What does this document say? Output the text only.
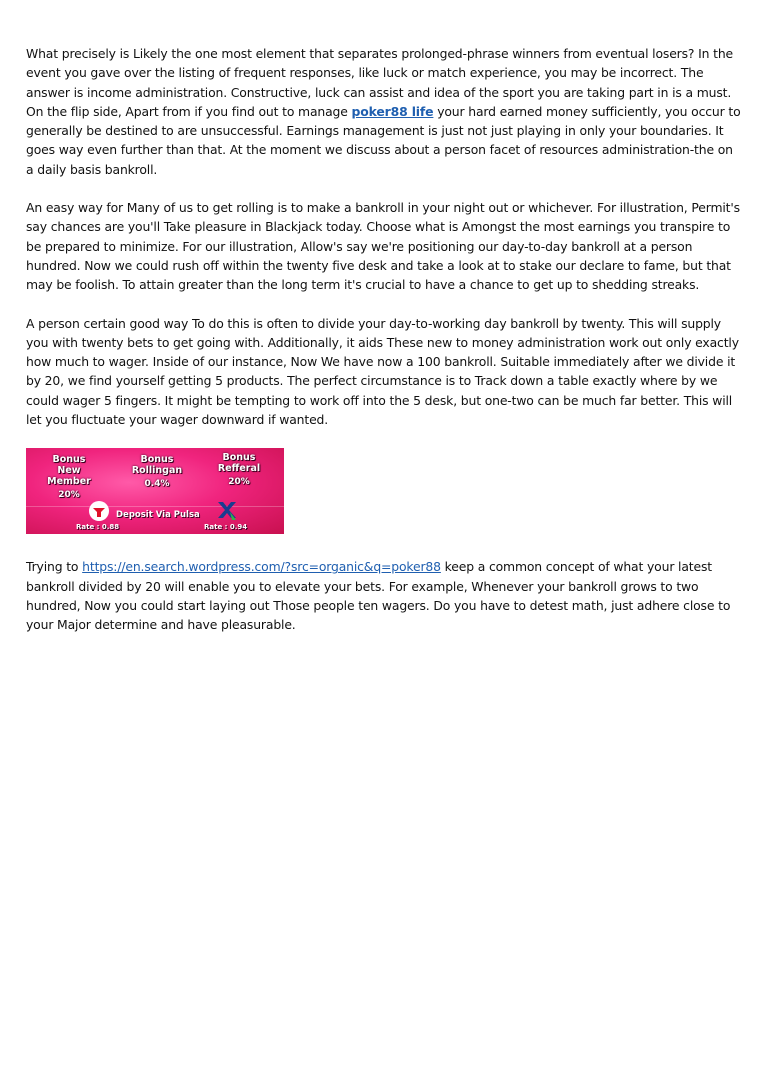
What precisely is Likely the one most element that separates prolonged-phrase winners from eventual losers? In the event you gave over the listing of frequent responses, like luck or match experience, you may be incorrect. The answer is income administration. Constructive, luck can assist and idea of the sport you are taking part in is a must. On the flip side, Apart from if you find out to manage poker88 life your hard earned money sufficiently, you occur to generally be destined to are unsuccessful. Earnings management is just not just playing in only your boundaries. It goes way even further than that. At the moment we discuss about a person facet of resources administration-the on a daily basis bankroll.

An easy way for Many of us to get rolling is to make a bankroll in your night out or whichever. For illustration, Permit's say chances are you'll Take pleasure in Blackjack today. Choose what is Amongst the most earnings you transpire to be prepared to minimize. For our illustration, Allow's say we're positioning our day-to-day bankroll at a person hundred. Now we could rush off within the twenty five desk and take a look at to stake our declare to fame, but that may be foolish. To attain greater than the long term it's crucial to have a chance to get up to shedding streaks.

A person certain good way To do this is often to divide your day-to-working day bankroll by twenty. This will supply you with twenty bets to get going with. Additionally, it aids These new to money administration work out only exactly how much to wager. Inside of our instance, Now We have now a 100 bankroll. Suitable immediately after we divide it by 20, we find yourself getting 5 products. The perfect circumstance is to Track down a table exactly where by we could wager 5 fingers. It might be tempting to work off into the 5 desk, but one-two can be much far better. This will let you fluctuate your wager downward if wanted.

Bonus
New Member
20%
Bonus
Rollingan
0.4%
Bonus
Refferal
20%
Deposit Via Pulsa
Rate : 0.88	Rate : 0.94

Trying to https://en.search.wordpress.com/?src=organic&q=poker88 keep a common concept of what your latest bankroll divided by 20 will enable you to elevate your bets. For example, Whenever your bankroll grows to two hundred, Now you could start laying out Those people ten wagers. Do you have to detest math, just adhere close to your Major determine and have pleasurable.
